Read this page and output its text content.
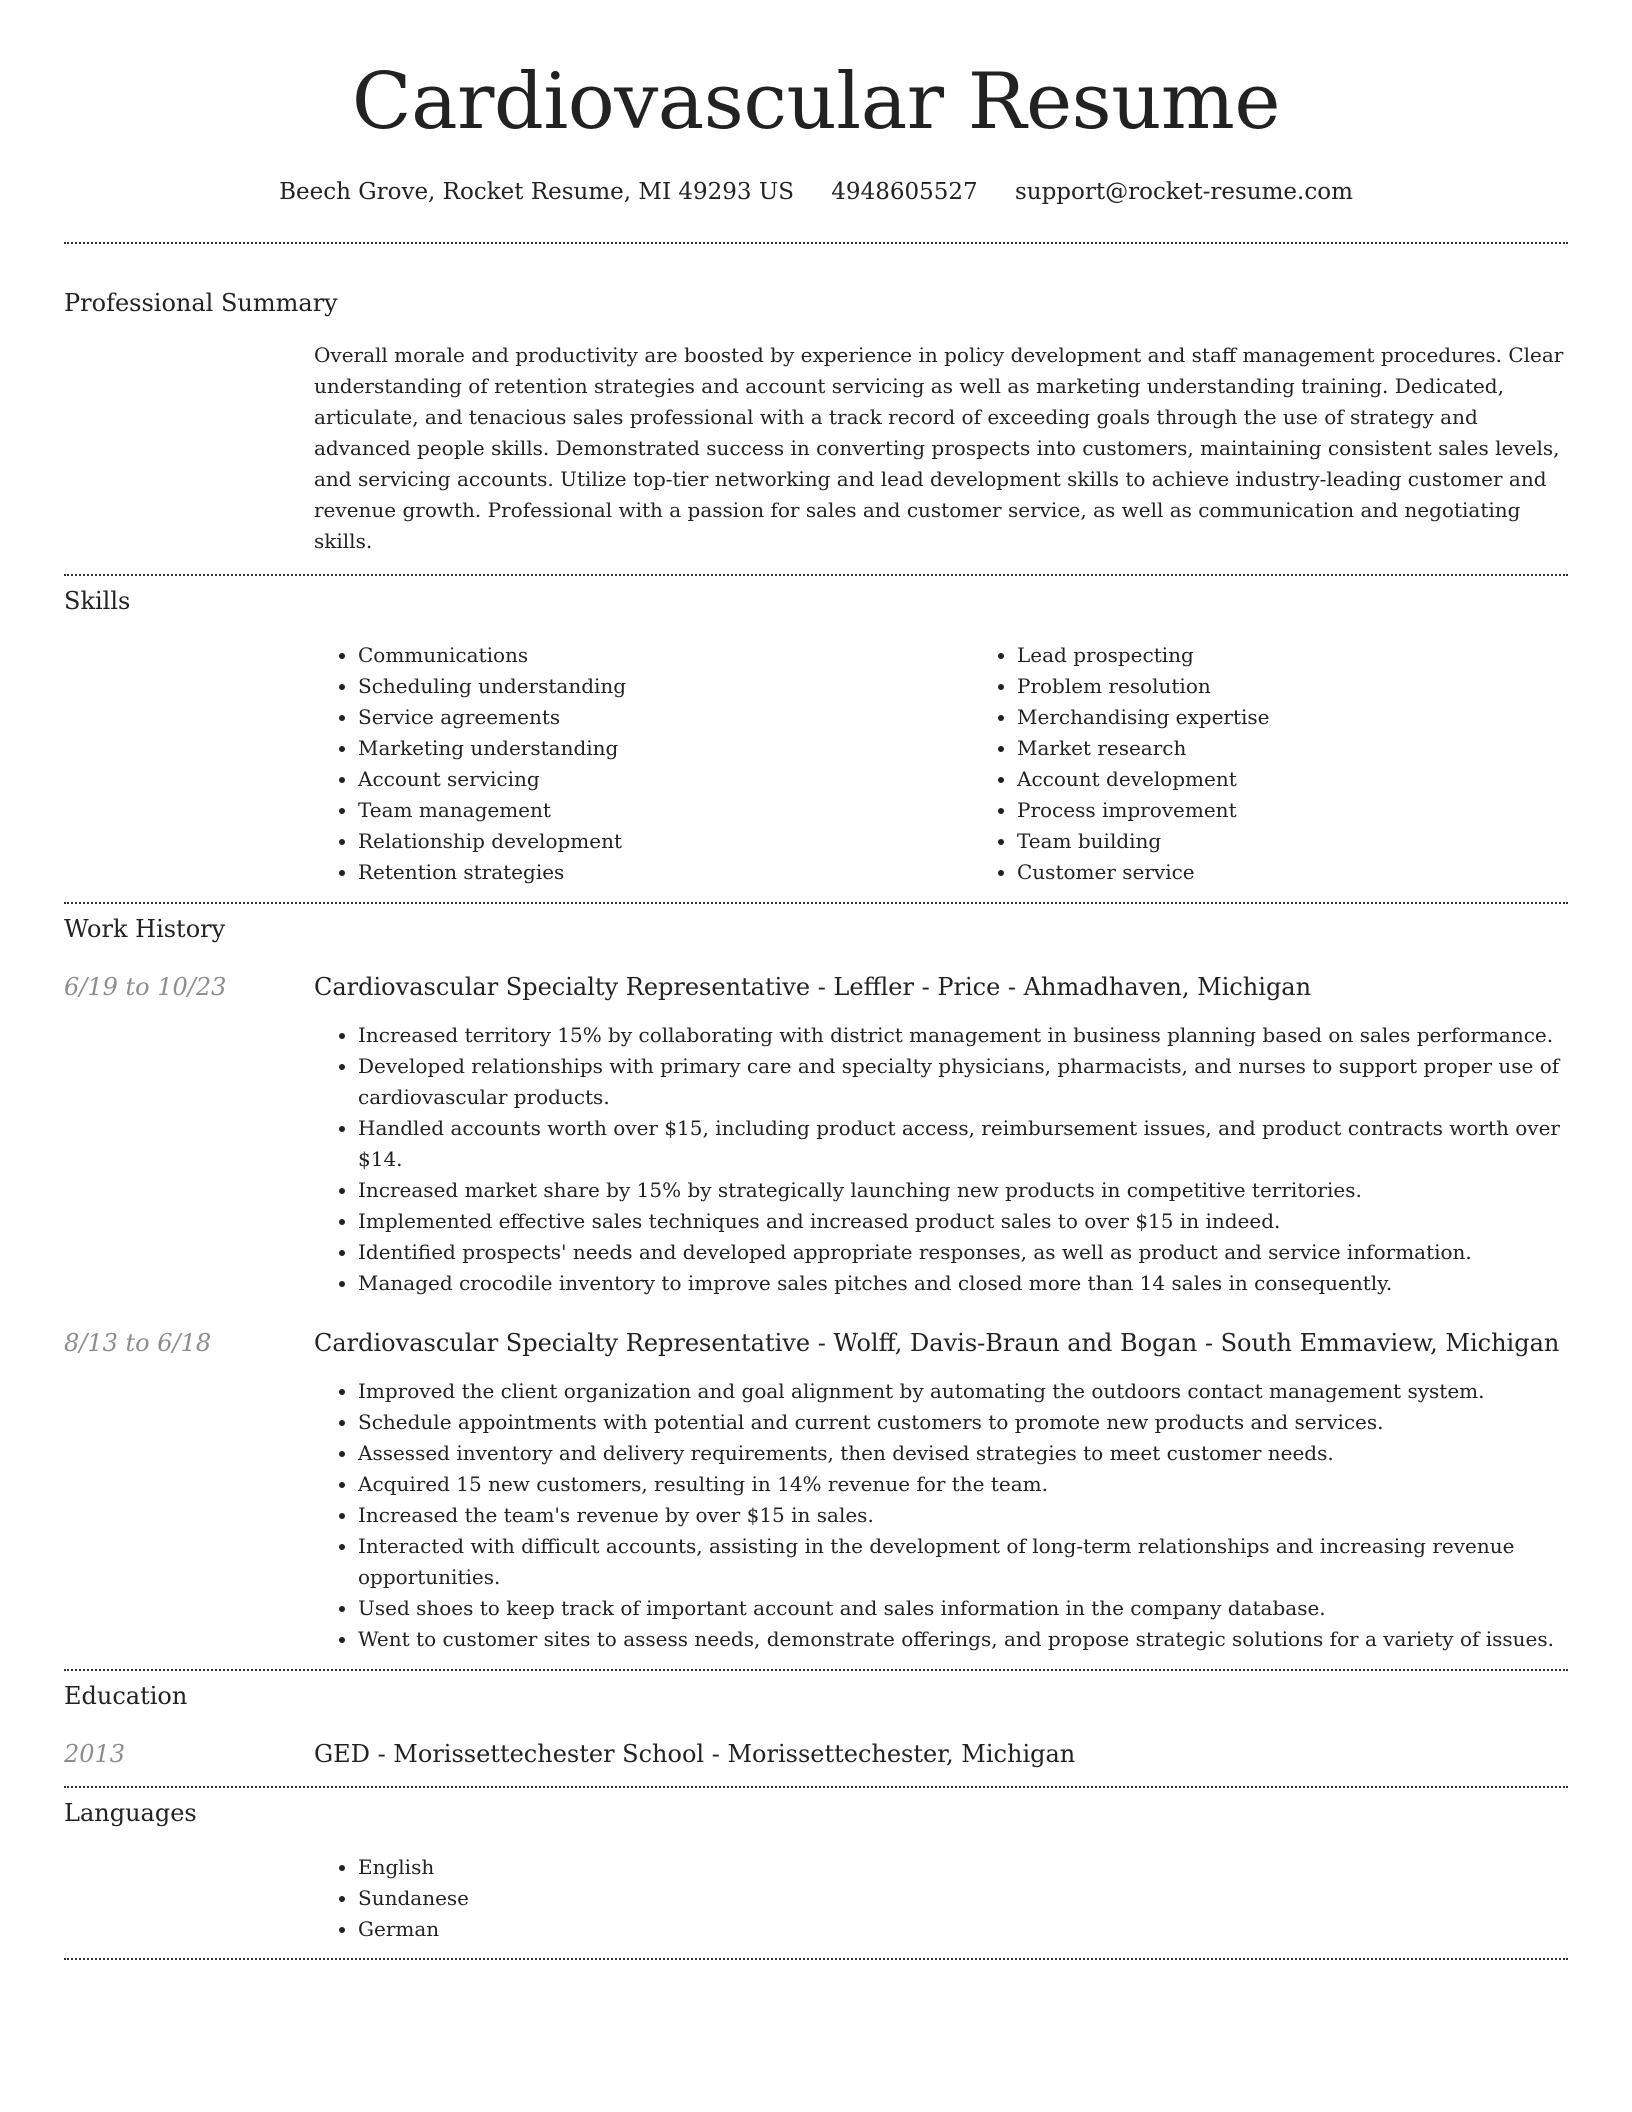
Cardiovascular Resume
Beech Grove, Rocket Resume, MI 49293 US 4948605527 support@rocket-resume.com
Professional Summary

Overall morale and productivity are boosted by experience in policy development and staff management procedures. Clear understanding of retention strategies and account servicing as well as marketing understanding training. Dedicated, articulate, and tenacious sales professional with a track record of exceeding goals through the use of strategy and advanced people skills. Demonstrated success in converting prospects into customers, maintaining consistent sales levels, and servicing accounts. Utilize top-tier networking and lead development skills to achieve industry-leading customer and revenue growth. Professional with a passion for sales and customer service, as well as communication and negotiating skills.

Skills
• Communications
• Scheduling understanding
• Service agreements
• Marketing understanding
• Account servicing
• Team management
• Relationship development
• Retention strategies
• Lead prospecting
• Problem resolution
• Merchandising expertise
• Market research
• Account development
• Process improvement
• Team building
• Customer service
Work History
6/19 to 10/23	Cardiovascular Specialty Representative - Leffler - Price - Ahmadhaven, Michigan
• Increased territory 15% by collaborating with district management in business planning based on sales performance.
• Developed relationships with primary care and specialty physicians, pharmacists, and nurses to support proper use of cardiovascular products.
• Handled accounts worth over $15, including product access, reimbursement issues, and product contracts worth over $14.
• Increased market share by 15% by strategically launching new products in competitive territories.
• Implemented effective sales techniques and increased product sales to over $15 in indeed.
• Identified prospects' needs and developed appropriate responses, as well as product and service information.
• Managed crocodile inventory to improve sales pitches and closed more than 14 sales in consequently.
8/13 to 6/18	Cardiovascular Specialty Representative - Wolff, Davis-Braun and Bogan - South Emmaview, Michigan
• Improved the client organization and goal alignment by automating the outdoors contact management system.
• Schedule appointments with potential and current customers to promote new products and services.
• Assessed inventory and delivery requirements, then devised strategies to meet customer needs.
• Acquired 15 new customers, resulting in 14% revenue for the team.
• Increased the team's revenue by over $15 in sales.
• Interacted with difficult accounts, assisting in the development of long-term relationships and increasing revenue opportunities.
• Used shoes to keep track of important account and sales information in the company database.
• Went to customer sites to assess needs, demonstrate offerings, and propose strategic solutions for a variety of issues.
Education
2013	GED - Morissettechester School - Morissettechester, Michigan
Languages
• English
• Sundanese
• German
